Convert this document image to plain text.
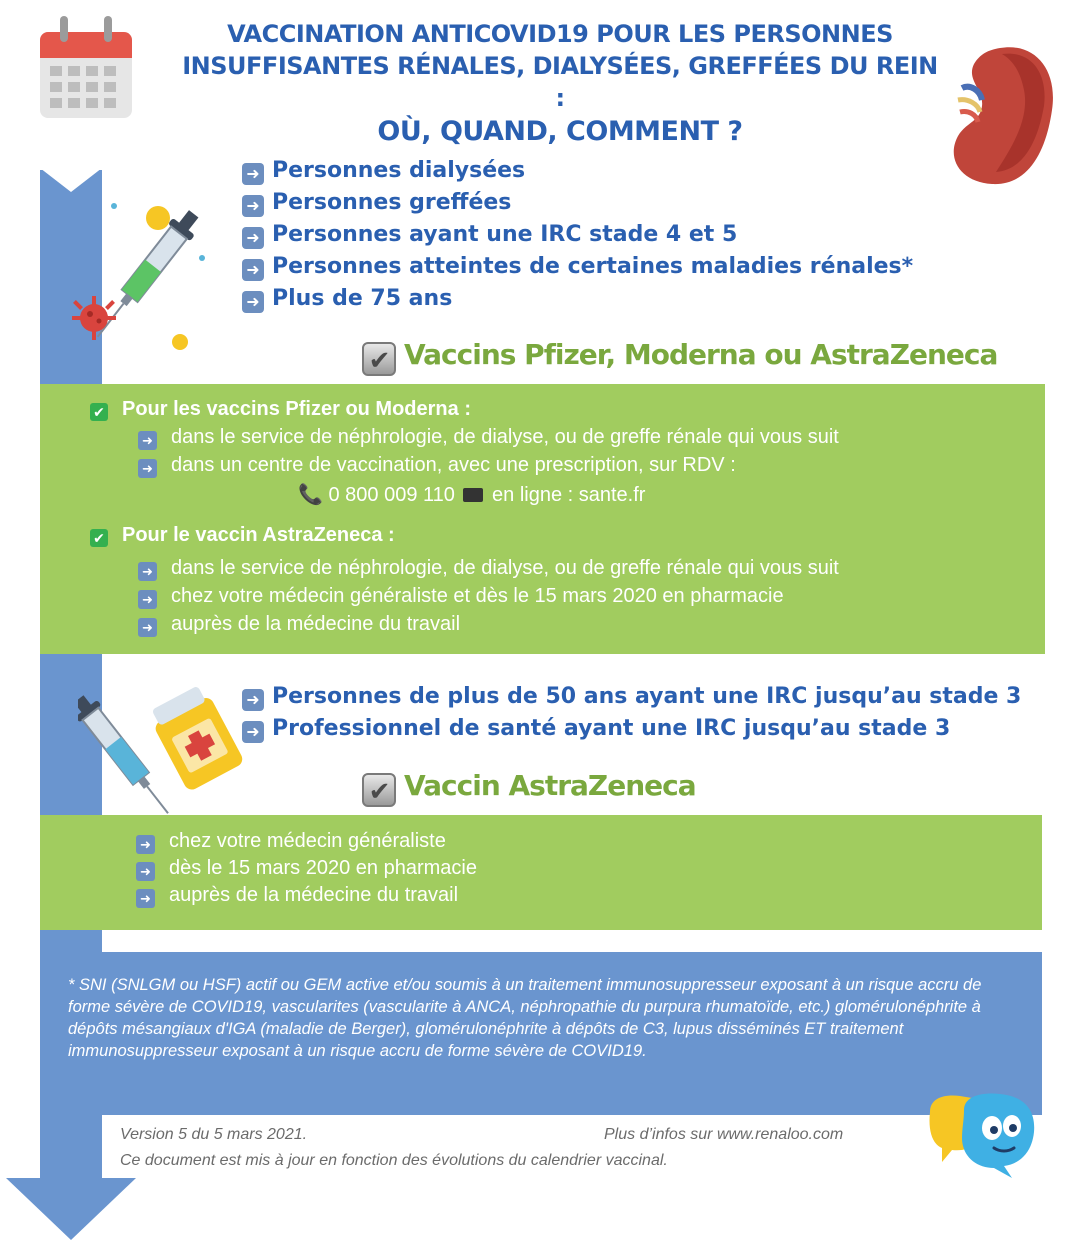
VACCINATION ANTICOVID19 POUR LES PERSONNES
INSUFFISANTES RÉNALES, DIALYSÉES, GREFFÉES DU REIN :
OÙ, QUAND, COMMENT ?
➜ Personnes dialysées
➜ Personnes greffées
➜ Personnes ayant une IRC stade 4 et 5
➜ Personnes atteintes de certaines maladies rénales*
➜ Plus de 75 ans
✔ Vaccins Pfizer, Moderna ou AstraZeneca
✔ Pour les vaccins Pfizer ou Moderna :
➜ dans le service de néphrologie, de dialyse, ou de greffe rénale qui vous suit
➜ dans un centre de vaccination, avec une prescription, sur RDV :
📞 0 800 009 110 en ligne : sante.fr
✔ Pour le vaccin AstraZeneca :
➜ dans le service de néphrologie, de dialyse, ou de greffe rénale qui vous suit
➜ chez votre médecin généraliste et dès le 15 mars 2020 en pharmacie
➜ auprès de la médecine du travail
➜ Personnes de plus de 50 ans ayant une IRC jusqu’au stade 3
➜ Professionnel de santé ayant une IRC jusqu’au stade 3
✔ Vaccin AstraZeneca
➜ chez votre médecin généraliste
➜ dès le 15 mars 2020 en pharmacie
➜ auprès de la médecine du travail
* SNI (SNLGM ou HSF) actif ou GEM active et/ou soumis à un traitement immunosuppresseur exposant à un risque accru de forme sévère de COVID19, vascularites (vascularite à ANCA, néphropathie du purpura rhumatoïde, etc.) glomérulonéphrite à dépôts mésangiaux d'IGA (maladie de Berger), glomérulonéphrite à dépôts de C3, lupus disséminés ET traitement immunosuppresseur exposant à un risque accru de forme sévère de COVID19.
Version 5 du 5 mars 2021.	Plus d’infos sur www.renaloo.com
Ce document est mis à jour en fonction des évolutions du calendrier vaccinal.
